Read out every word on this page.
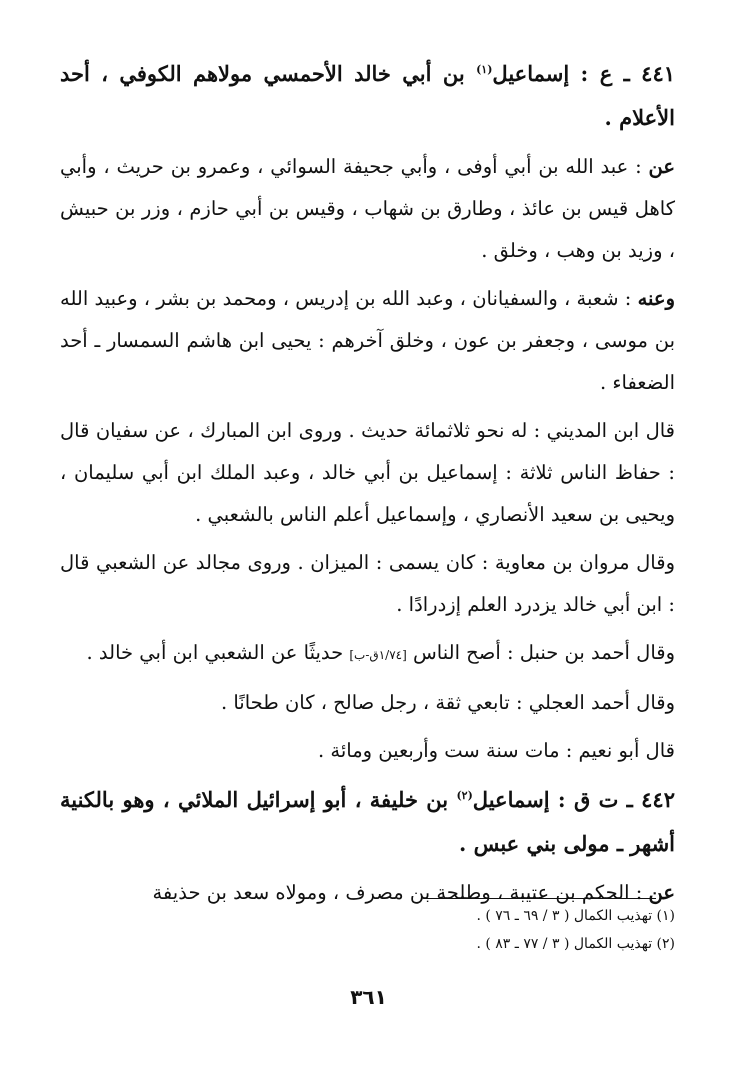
٤٤١ ـ ع : إسماعيل$^{(١)}$ بن أبي خالد الأحمسي مولاهم الكوفي ، أحد الأعلام .

عن : عبد الله بن أبي أوفى ، وأبي جحيفة السوائي ، وعمرو بن حريث ، وأبي كاهل قيس بن عائذ ، وطارق بن شهاب ، وقيس بن أبي حازم ، وزر بن حبيش ، وزيد بن وهب ، وخلق .

وعنه : شعبة ، والسفيانان ، وعبد الله بن إدريس ، ومحمد بن بشر ، وعبيد الله بن موسى ، وجعفر بن عون ، وخلق آخرهم : يحيى ابن هاشم السمسار ـ أحد الضعفاء .

قال ابن المديني : له نحو ثلاثمائة حديث . وروى ابن المبارك ، عن سفيان قال : حفاظ الناس ثلاثة : إسماعيل بن أبي خالد ، وعبد الملك ابن أبي سليمان ، ويحيى بن سعيد الأنصاري ، وإسماعيل أعلم الناس بالشعبي .

وقال مروان بن معاوية : كان يسمى : الميزان . وروى مجالد عن الشعبي قال : ابن أبي خالد يزدرد العلم إزدرادًا .

وقال أحمد بن حنبل : أصح الناس [١/٧٤ق-ب] حديثًا عن الشعبي ابن أبي خالد .

وقال أحمد العجلي : تابعي ثقة ، رجل صالح ، كان طحانًا .

قال أبو نعيم : مات سنة ست وأربعين ومائة .

٤٤٢ ـ ت ق : إسماعيل$^{(٢)}$ بن خليفة ، أبو إسرائيل الملائي ، وهو بالكنية أشهر ـ مولى بني عبس .

عن : الحكم بن عتيبة ، وطلحة بن مصرف ، ومولاه سعد بن حذيفة

(١) تهذيب الكمال ( ٣ / ٦٩ ـ ٧٦ ) .

(٢) تهذيب الكمال ( ٣ / ٧٧ ـ ٨٣ ) .

٣٦١
